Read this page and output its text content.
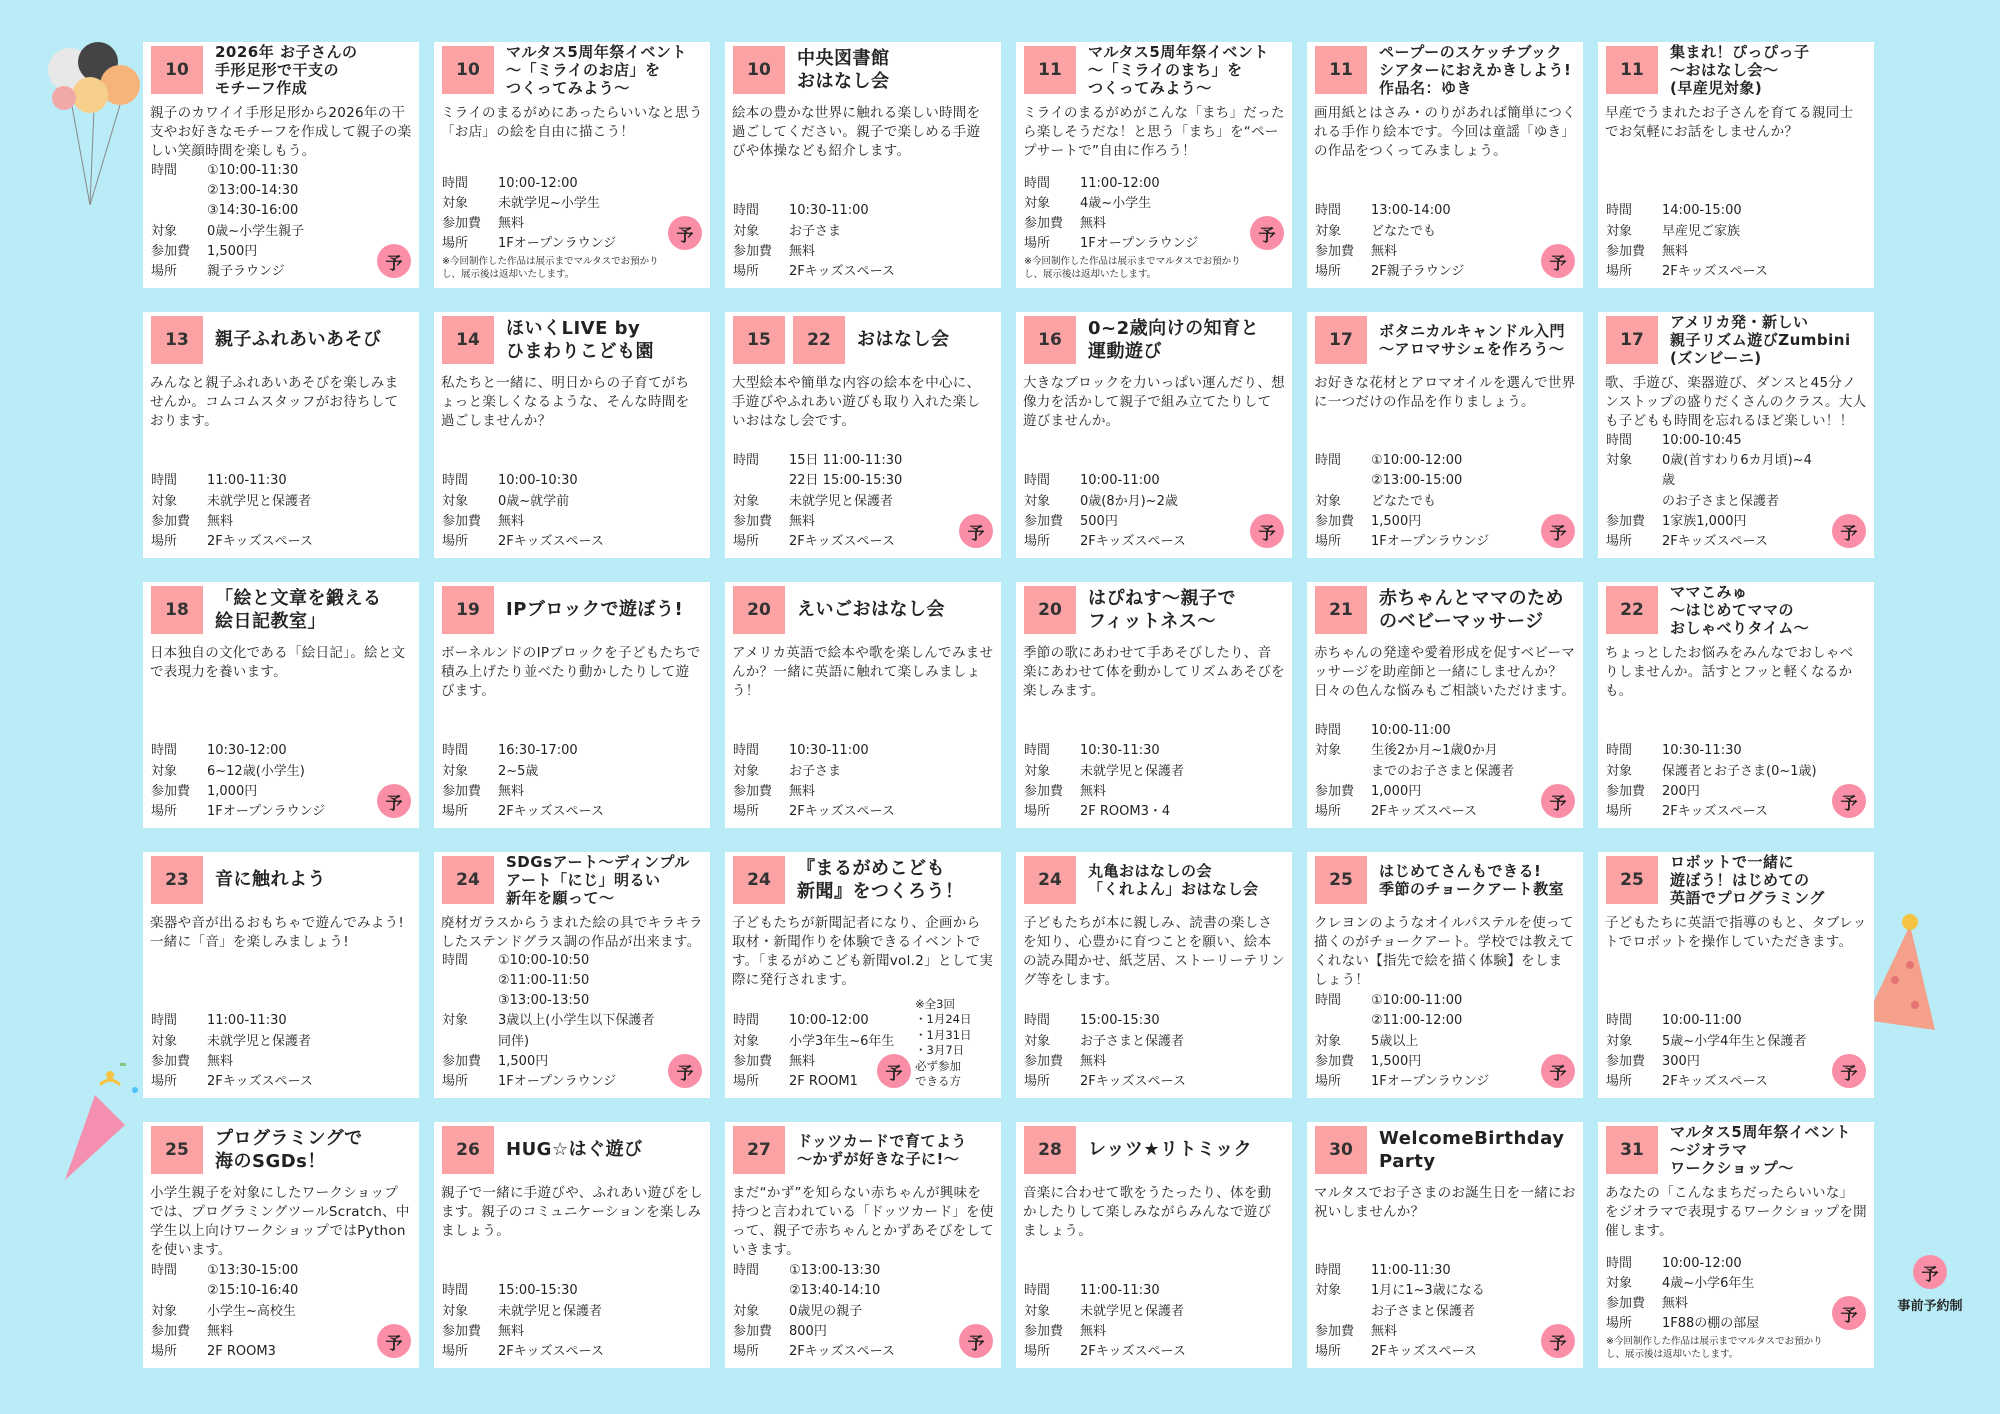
10
2026年 お子さんの
手形足形で干支の
モチーフ作成
親子のカワイイ手形足形から2026年の干支やお好きなモチーフを作成して親子の楽しい笑顔時間を楽しもう。
時間	①10:00-11:30
②13:00-14:30
③14:30-16:00
対象	0歳~小学生親子
参加費	1,500円
場所	親子ラウンジ	予
10
マルタス5周年祭イベント
〜「ミライのお店」を
つくってみよう〜
ミライのまるがめにあったらいいなと思う「お店」の絵を自由に描こう！
時間	10:00-12:00
対象	未就学児~小学生
参加費	無料
場所	1Fオープンラウンジ
※今回制作した作品は展示までマルタスでお預かりし、展示後は返却いたします。
予
10
中央図書館
おはなし会
絵本の豊かな世界に触れる楽しい時間を過ごしてください。親子で楽しめる手遊びや体操なども紹介します。
時間	10:30-11:00
対象	お子さま
参加費	無料
場所	2Fキッズスペース
11
マルタス5周年祭イベント
〜「ミライのまち」を
つくってみよう〜
ミライのまるがめがこんな「まち」だったら楽しそうだな！と思う「まち」を“ペープサートで”自由に作ろう！
時間	11:00-12:00
対象	4歳~小学生
参加費	無料
場所	1Fオープンラウンジ
※今回制作した作品は展示までマルタスでお預かりし、展示後は返却いたします。
予
11
ペープーのスケッチブック
シアターにおえかきしよう!
作品名：ゆき
画用紙とはさみ・のりがあれば簡単につくれる手作り絵本です。今回は童謡「ゆき」の作品をつくってみましょう。
時間	13:00-14:00
対象	どなたでも
参加費	無料
場所	2F親子ラウンジ	予
11
集まれ！ぴっぴっ子
〜おはなし会〜
(早産児対象)
早産でうまれたお子さんを育てる親同士でお気軽にお話をしませんか？
時間	14:00-15:00
対象	早産児ご家族
参加費	無料
場所	2Fキッズスペース
13	親子ふれあいあそび
みんなと親子ふれあいあそびを楽しみませんか。コムコムスタッフがお待ちしております。
時間	11:00-11:30
対象	未就学児と保護者
参加費	無料
場所	2Fキッズスペース
14
ほいくLIVE by
ひまわりこども園
私たちと一緒に、明日からの子育てがちょっと楽しくなるような、そんな時間を過ごしませんか？
時間	10:00-10:30
対象	0歳~就学前
参加費	無料
場所	2Fキッズスペース
15	22	おはなし会
大型絵本や簡単な内容の絵本を中心に、手遊びやふれあい遊びも取り入れた楽しいおはなし会です。
時間	15日 11:00-11:30
22日 15:00-15:30
対象	未就学児と保護者
参加費	無料
場所	2Fキッズスペース	予
16
0~2歳向けの知育と
運動遊び
大きなブロックを力いっぱい運んだり、想像力を活かして親子で組み立てたりして遊びませんか。
時間	10:00-11:00
対象	0歳(8か月)~2歳
参加費	500円
場所	2Fキッズスペース	予
17	ボタニカルキャンドル入門
〜アロマサシェを作ろう〜
お好きな花材とアロマオイルを選んで世界に一つだけの作品を作りましょう。
時間	①10:00-12:00
②13:00-15:00
対象	どなたでも
参加費	1,500円
場所	1Fオープンラウンジ	予
17
アメリカ発・新しい
親子リズム遊びZumbini
(ズンビーニ)
歌、手遊び、楽器遊び、ダンスと45分ノンストップの盛りだくさんのクラス。大人も子どもも時間を忘れるほど楽しい！！
時間	10:00-10:45
対象	0歳(首すわり6カ月頃)~4歳
のお子さまと保護者
参加費	1家族1,000円
場所	2Fキッズスペース	予
18
「絵と文章を鍛える
絵日記教室」
日本独自の文化である「絵日記」。絵と文で表現力を養います。
時間	10:30-12:00
対象	6~12歳(小学生)
参加費	1,000円
場所	1Fオープンラウンジ	予
19	IPブロックで遊ぼう!
ボーネルンドのIPブロックを子どもたちで積み上げたり並べたり動かしたりして遊びます。
時間	16:30-17:00
対象	2~5歳
参加費	無料
場所	2Fキッズスペース
20	えいごおはなし会
アメリカ英語で絵本や歌を楽しんでみませんか？一緒に英語に触れて楽しみましょう！
時間	10:30-11:00
対象	お子さま
参加費	無料
場所	2Fキッズスペース
20
はぴねす〜親子で
フィットネス〜
季節の歌にあわせて手あそびしたり、音楽にあわせて体を動かしてリズムあそびを楽しみます。
時間	10:30-11:30
対象	未就学児と保護者
参加費	無料
場所	2F ROOM3・4
21
赤ちゃんとママのため
のベビーマッサージ
赤ちゃんの発達や愛着形成を促すベビーマッサージを助産師と一緒にしませんか？日々の色んな悩みもご相談いただけます。
時間	10:00-11:00
対象	生後2か月~1歳0か月
までのお子さまと保護者
参加費	1,000円
場所	2Fキッズスペース	予
22
ママこみゅ
〜はじめてママの
おしゃべりタイム〜
ちょっとしたお悩みをみんなでおしゃべりしませんか。話すとフッと軽くなるかも。
時間	10:30-11:30
対象	保護者とお子さま(0~1歳)
参加費	200円
場所	2Fキッズスペース	予
23	音に触れよう
楽器や音が出るおもちゃで遊んでみよう!一緒に「音」を楽しみましょう!
時間	11:00-11:30
対象	未就学児と保護者
参加費	無料
場所	2Fキッズスペース
24
SDGsアート〜ディンプル
アート「にじ」明るい
新年を願って〜
廃材ガラスからうまれた絵の具でキラキラしたステンドグラス調の作品が出来ます。
時間	①10:00-10:50
②11:00-11:50
③13:00-13:50
対象	3歳以上(小学生以下保護者同伴)
参加費	1,500円
場所	1Fオープンラウンジ	予
24
『まるがめこども
新聞』をつくろう！
子どもたちが新聞記者になり、企画から取材・新聞作りを体験できるイベントです。「まるがめこども新聞vol.2」として実際に発行されます。
時間	10:00-12:00
対象	小学3年生~6年生
参加費	無料
場所	2F ROOM1
※全3回
・1月24日
・1月31日
・3月7日
必ず参加
できる方
予
24	丸亀おはなしの会
「くれよん」おはなし会
子どもたちが本に親しみ、読書の楽しさを知り、心豊かに育つことを願い、絵本の読み聞かせ、紙芝居、ストーリーテリング等をします。
時間	15:00-15:30
対象	お子さまと保護者
参加費	無料
場所	2Fキッズスペース
25	はじめてさんもできる!
季節のチョークアート教室
クレヨンのようなオイルパステルを使って描くのがチョークアート。学校では教えてくれない【指先で絵を描く体験】をしましょう！
時間	①10:00-11:00
②11:00-12:00
対象	5歳以上
参加費	1,500円
場所	1Fオープンラウンジ	予
25
ロボットで一緒に
遊ぼう！はじめての
英語でプログラミング
子どもたちに英語で指導のもと、タブレットでロボットを操作していただきます。
時間	10:00-11:00
対象	5歳~小学4年生と保護者
参加費	300円
場所	2Fキッズスペース	予
25
プログラミングで
海のSGDs！
小学生親子を対象にしたワークショップでは、プログラミングツールScratch、中学生以上向けワークショップではPythonを使います。
時間	①13:30-15:00
②15:10-16:40
対象	小学生~高校生
参加費	無料
場所	2F ROOM3	予
26	HUG☆はぐ遊び
親子で一緒に手遊びや、ふれあい遊びをします。親子のコミュニケーションを楽しみましょう。
時間	15:00-15:30
対象	未就学児と保護者
参加費	無料
場所	2Fキッズスペース
27	ドッツカードで育てよう
〜かずが好きな子に!〜
まだ“かず”を知らない赤ちゃんが興味を持つと言われている「ドッツカード」を使って、親子で赤ちゃんとかずあそびをしていきます。
時間	①13:00-13:30
②13:40-14:10
対象	0歳児の親子
参加費	800円
場所	2Fキッズスペース	予
28	レッツ★リトミック
音楽に合わせて歌をうたったり、体を動かしたりして楽しみながらみんなで遊びましょう。
時間	11:00-11:30
対象	未就学児と保護者
参加費	無料
場所	2Fキッズスペース
30
WelcomeBirthday
Party
マルタスでお子さまのお誕生日を一緒にお祝いしませんか？
時間	11:00-11:30
対象	1月に1~3歳になる
お子さまと保護者
参加費	無料
場所	2Fキッズスペース	予
31
マルタス5周年祭イベント
〜ジオラマ
ワークショップ〜
あなたの「こんなまちだったらいいな」をジオラマで表現するワークショップを開催します。
時間	10:00-12:00
対象	4歳~小学6年生
参加費	無料
場所	1F88の棚の部屋
※今回制作した作品は展示までマルタスでお預かりし、展示後は返却いたします。
予
予
事前予約制
